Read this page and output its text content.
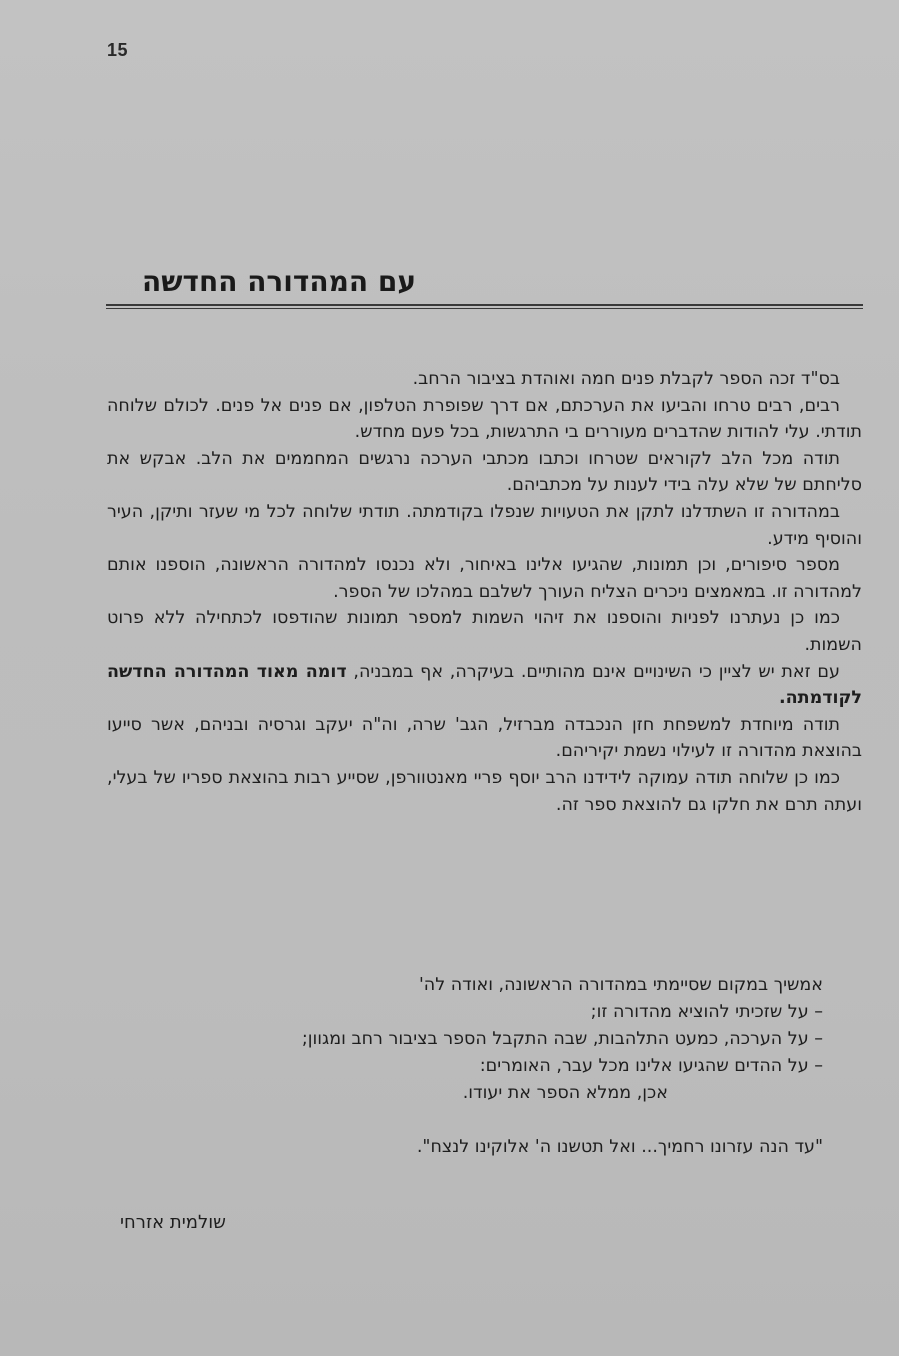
15
עם המהדורה החדשה

בס"ד זכה הספר לקבלת פנים חמה ואוהדת בציבור הרחב.

רבים, רבים טרחו והביעו את הערכתם, אם דרך שפופרת הטלפון, אם פנים אל פנים. לכולם שלוחה תודתי. עלי להודות שהדברים מעוררים בי התרגשות, בכל פעם מחדש.

תודה מכל הלב לקוראים שטרחו וכתבו מכתבי הערכה נרגשים המחממים את הלב. אבקש את סליחתם של שלא עלה בידי לענות על מכתביהם.

במהדורה זו השתדלנו לתקן את הטעויות שנפלו בקודמתה. תודתי שלוחה לכל מי שעזר ותיקן, העיר והוסיף מידע.

מספר סיפורים, וכן תמונות, שהגיעו אלינו באיחור, ולא נכנסו למהדורה הראשונה, הוספנו אותם למהדורה זו. במאמצים ניכרים הצליח העורך לשלבם במהלכו של הספר.

כמו כן נעתרנו לפניות והוספנו את זיהוי השמות למספר תמונות שהודפסו לכתחילה ללא פרוט השמות.

עם זאת יש לציין כי השינויים אינם מהותיים. בעיקרה, אף במבניה, דומה מאוד המהדורה החדשה לקודמתה.

תודה מיוחדת למשפחת חזן הנכבדה מברזיל, הגב' שרה, וה"ה יעקב וגרסיה ובניהם, אשר סייעו בהוצאת מהדורה זו לעילוי נשמת יקיריהם.

כמו כן שלוחה תודה עמוקה לידידנו הרב יוסף פריי מאנטוורפן, שסייע רבות בהוצאת ספריו של בעלי, ועתה תרם את חלקו גם להוצאת ספר זה.

אמשיך במקום שסיימתי במהדורה הראשונה, ואודה לה'
– על שזכיתי להוציא מהדורה זו;
– על הערכה, כמעט התלהבות, שבה התקבל הספר בציבור רחב ומגוון;
– על ההדים שהגיעו אלינו מכל עבר, האומרים:
אכן, ממלא הספר את יעודו.
"עד הנה עזרונו רחמיך... ואל תטשנו ה' אלוקינו לנצח".
שולמית אזרחי
